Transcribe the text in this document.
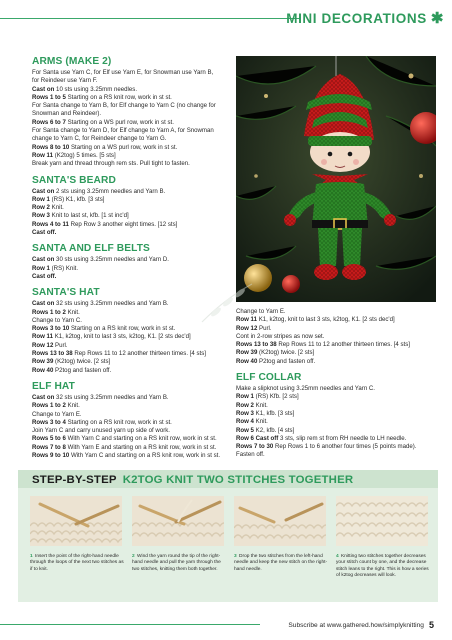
MINI DECORATIONS ✱
ARMS (MAKE 2)
For Santa use Yarn C, for Elf use Yarn E, for Snowman use Yarn B,
for Reindeer use Yarn F.
Cast on 10 sts using 3.25mm needles.
Rows 1 to 5 Starting on a RS knit row, work in st st.
For Santa change to Yarn B, for Elf change to Yarn C (no change for
Snowman and Reindeer).
Rows 6 to 7 Starting on a WS purl row, work in st st.
For Santa change to Yarn D, for Elf change to Yarn A, for Snowman
change to Yarn C, for Reindeer change to Yarn G.
Rows 8 to 10 Starting on a WS purl row, work in st st.
Row 11 (K2tog) 5 times. [5 sts]
Break yarn and thread through rem sts. Pull tight to fasten.
SANTA'S BEARD
Cast on 2 sts using 3.25mm needles and Yarn B.
Row 1 (RS) K1, kfb. [3 sts]
Row 2 Knit.
Row 3 Knit to last st, kfb. [1 st inc'd]
Rows 4 to 11 Rep Row 3 another eight times. [12 sts]
Cast off.
SANTA AND ELF BELTS
Cast on 30 sts using 3.25mm needles and Yarn D.
Row 1 (RS) Knit.
Cast off.
SANTA'S HAT
Cast on 32 sts using 3.25mm needles and Yarn B.
Rows 1 to 2 Knit.
Change to Yarn C.
Rows 3 to 10 Starting on a RS knit row, work in st st.
Row 11 K1, k2tog, knit to last 3 sts, k2tog, K1. [2 sts dec'd]
Row 12 Purl.
Rows 13 to 38 Rep Rows 11 to 12 another thirteen times. [4 sts]
Row 39 (K2tog) twice. [2 sts]
Row 40 P2tog and fasten off.
ELF HAT
Cast on 32 sts using 3.25mm needles and Yarn B.
Rows 1 to 2 Knit.
Change to Yarn E.
Rows 3 to 4 Starting on a RS knit row, work in st st.
Join Yarn C and carry unused yarn up side of work.
Rows 5 to 6 With Yarn C and starting on a RS knit row, work in st st.
Rows 7 to 8 With Yarn E and starting on a RS knit row, work in st st.
Rows 9 to 10 With Yarn C and starting on a RS knit row, work in st st.
Change to Yarn E.
Row 11 K1, k2tog, knit to last 3 sts, k2tog, K1. [2 sts dec'd]
Row 12 Purl.
Cont in 2-row stripes as now set.
Rows 13 to 38 Rep Rows 11 to 12 another thirteen times. [4 sts]
Row 39 (K2tog) twice. [2 sts]
Row 40 P2tog and fasten off.
ELF COLLAR
Make a slipknot using 3.25mm needles and Yarn C.
Row 1 (RS) Kfb. [2 sts]
Row 2 Knit.
Row 3 K1, kfb. [3 sts]
Row 4 Knit.
Row 5 K2, kfb. [4 sts]
Row 6 Cast off 3 sts, slip rem st from RH needle to LH needle.
Rows 7 to 30 Rep Rows 1 to 6 another four times (5 points made).
Fasten off.
STEP-BY-STEP K2TOG KNIT TWO STITCHES TOGETHER
1 Insert the point of the right-hand needle through the loops of the next two stitches as if to knit.
2 Wind the yarn round the tip of the right-hand needle and pull the yarn through the two stitches, knitting them both together.
3 Drop the two stitches from the left-hand needle and keep the new stitch on the right-hand needle.
4 Knitting two stitches together decreases your stitch count by one, and the decrease stitch leans to the right. This is how a series of k2tog decreases will look.
Subscribe at www.gathered.how/simplyknitting 5
